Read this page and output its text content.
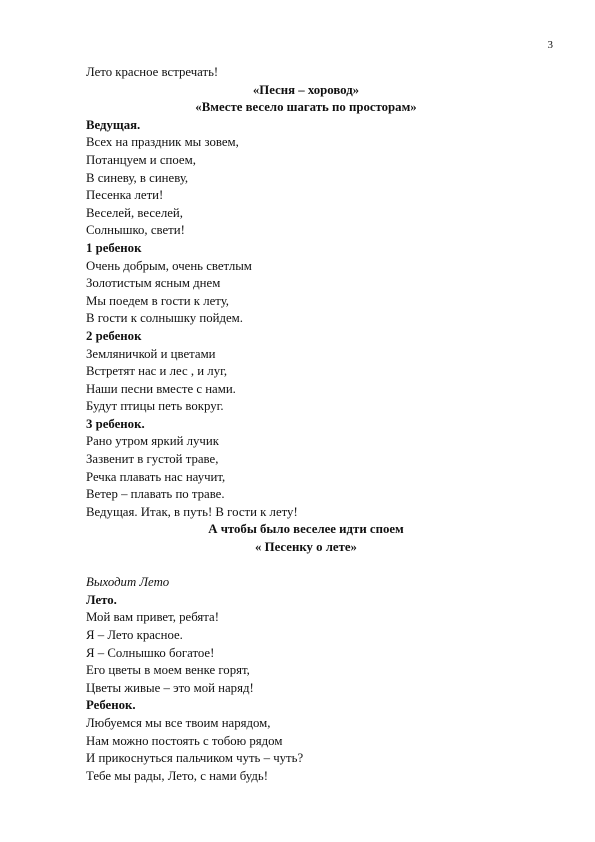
3
Лето красное встречать!
«Песня – хоровод»
«Вместе весело шагать по просторам»
Ведущая.
Всех на праздник мы зовем,
Потанцуем и споем,
В синеву, в синеву,
Песенка лети!
Веселей, веселей,
Солнышко, свети!
1 ребенок
Очень добрым, очень светлым
Золотистым ясным днем
Мы поедем в гости к лету,
В гости к солнышку пойдем.
2 ребенок
Земляничкой и цветами
Встретят нас и лес , и луг,
Наши песни вместе с нами.
Будут птицы петь вокруг.
3 ребенок.
Рано утром яркий лучик
Зазвенит в густой траве,
Речка плавать нас научит,
Ветер – плавать по траве.
Ведущая. Итак, в путь! В гости к лету!
А чтобы было веселее идти споем
« Песенку о лете»
Выходит Лето
Лето.
Мой вам привет, ребята!
Я – Лето красное.
Я – Солнышко богатое!
Его цветы в моем венке горят,
Цветы живые – это мой наряд!
Ребенок.
Любуемся мы все твоим нарядом,
Нам можно постоять с тобою рядом
И прикоснуться пальчиком чуть – чуть?
Тебе мы рады, Лето, с нами будь!
